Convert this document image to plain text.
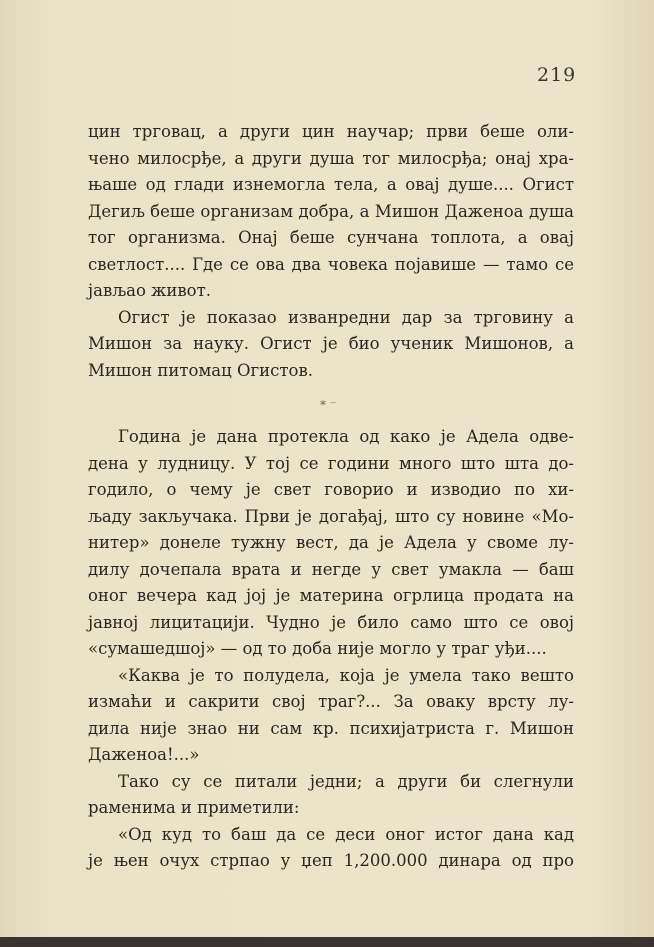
219

цин трговац, а други цин научар; први беше оли-

чено милосрђе, а други душа тог милосрђа; онај хра-

њаше од глади изнемогла тела, а овај душе.... Огист

Дегиљ беше организам добра, а Мишон Даженоа душа

тог организма. Онај беше сунчана топлота, а овај

светлост.... Где се ова два човека појавише — тамо се

јављао живот.

Огист је показао изванредни дар за трговину а

Мишон за науку. Огист је био ученик Мишонов, а

Мишон питомац Огистов.

* ⁻

Година је дана протекла од како је Адела одве-

дена у лудницу. У тој се години много што шта до-

годило, о чему је свет говорио и изводио по хи-

љаду закључака. Први је догађај, што су новине «Мо-

нитер» донеле тужну вест, да је Адела у своме лу-

дилу дочепала врата и негде у свет умакла — баш

оног вечера кад јој је материна огрлица продата на

јавној лицитацији. Чудно је било само што се овој

«сумашедшој» — од то доба није могло у траг уђи....

«Каква је то полудела, која је умела тако вешто

измаћи и сакрити свој траг?... За оваку врсту лу-

дила није знао ни сам кр. психијатриста г. Мишон

Даженоа!...»

Тако су се питали једни; а други би слегнули

раменима и приметили:

«Од куд то баш да се деси оног истог дана кад

је њен очух стрпао у џеп 1,200.000 динара од про
